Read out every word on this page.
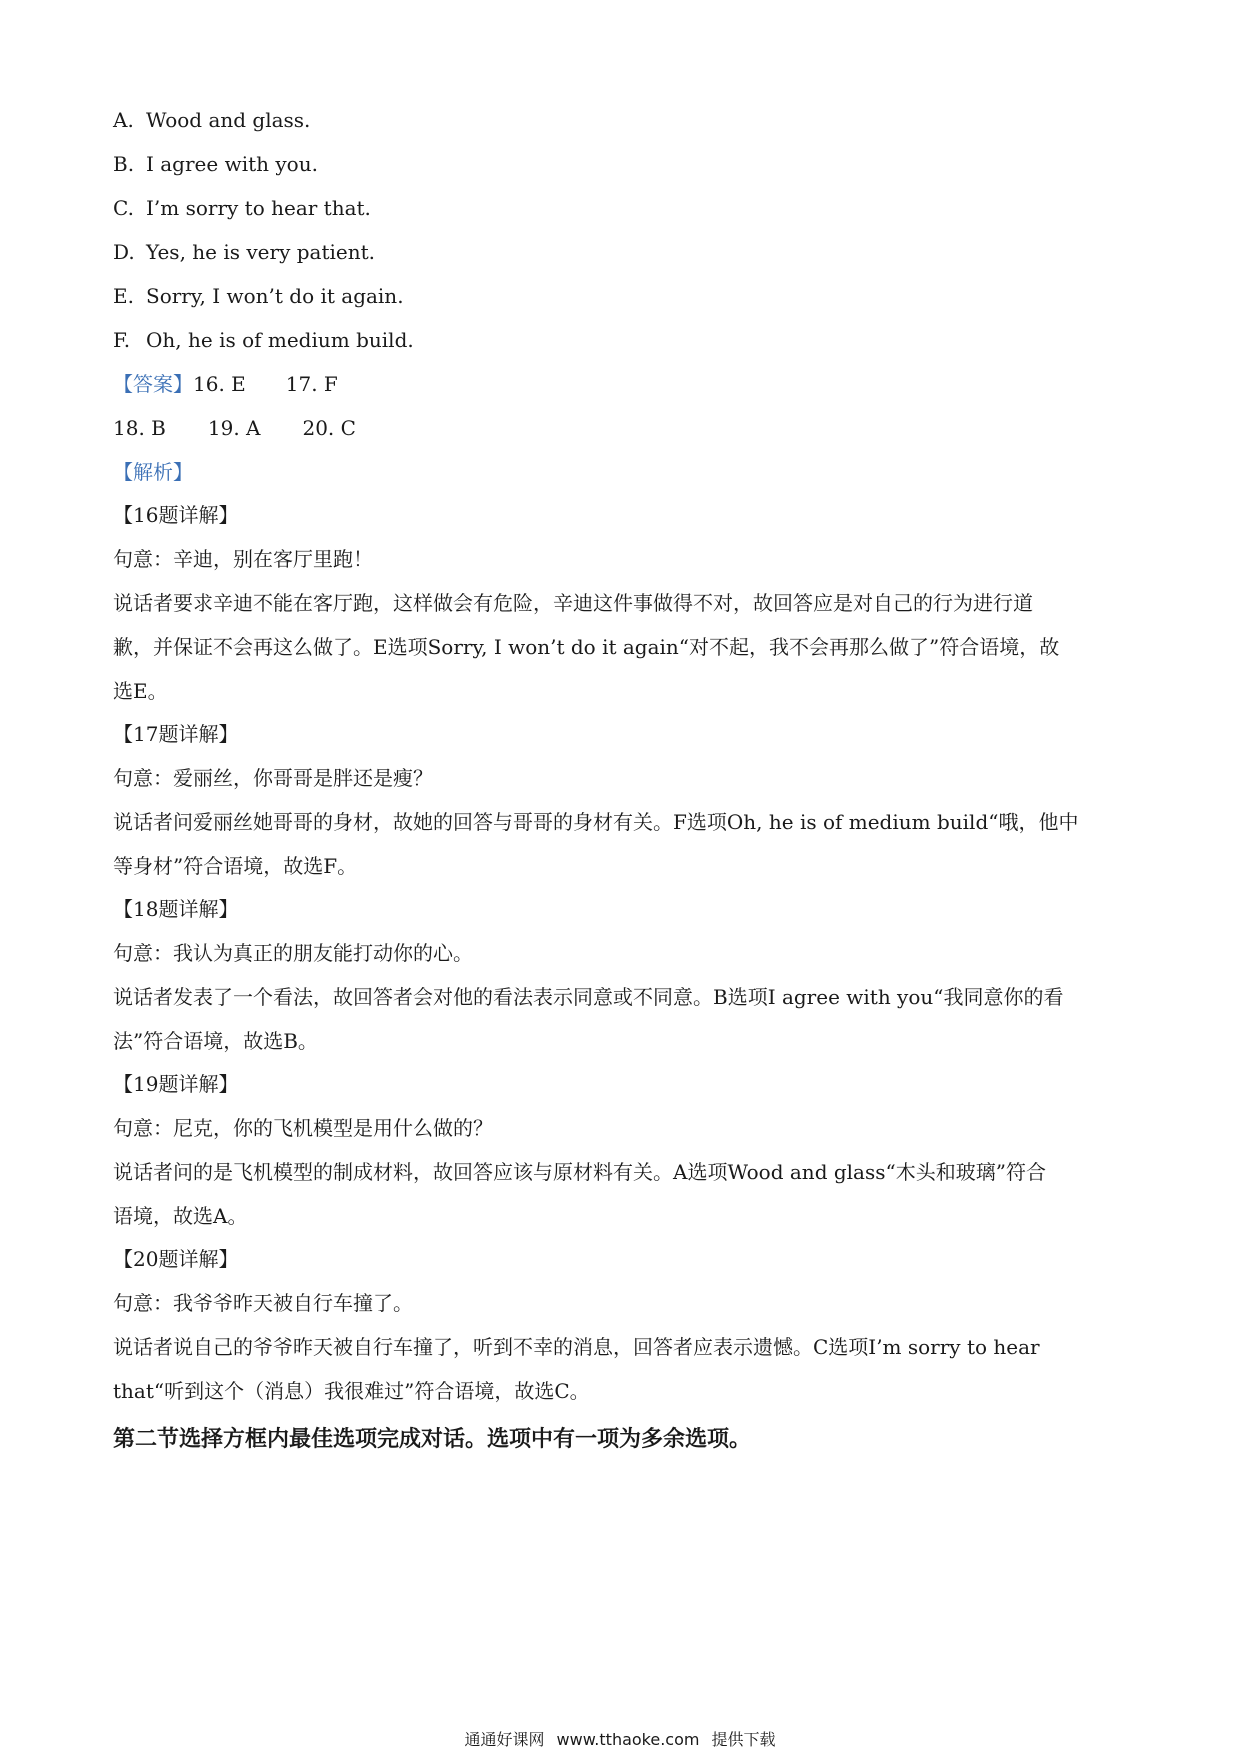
A. Wood and glass.
B. I agree with you.
C. I’m sorry to hear that.
D. Yes, he is very patient.
E. Sorry, I won’t do it again.
F. Oh, he is of medium build.
【答案】16. E 17. F
18. B 19. A 20. C
【解析】
【16题详解】
句意：辛迪，别在客厅里跑！
说话者要求辛迪不能在客厅跑，这样做会有危险，辛迪这件事做得不对，故回答应是对自己的行为进行道
歉，并保证不会再这么做了。E选项Sorry, I won’t do it again“对不起，我不会再那么做了”符合语境，故
选E。
【17题详解】
句意：爱丽丝，你哥哥是胖还是瘦？
说话者问爱丽丝她哥哥的身材，故她的回答与哥哥的身材有关。F选项Oh, he is of medium build“哦，他中
等身材”符合语境，故选F。
【18题详解】
句意：我认为真正的朋友能打动你的心。
说话者发表了一个看法，故回答者会对他的看法表示同意或不同意。B选项I agree with you“我同意你的看
法”符合语境，故选B。
【19题详解】
句意：尼克，你的飞机模型是用什么做的？
说话者问的是飞机模型的制成材料，故回答应该与原材料有关。A选项Wood and glass“木头和玻璃”符合
语境，故选A。
【20题详解】
句意：我爷爷昨天被自行车撞了。
说话者说自己的爷爷昨天被自行车撞了，听到不幸的消息，回答者应表示遗憾。C选项I’m sorry to hear
that“听到这个（消息）我很难过”符合语境，故选C。
第二节选择方框内最佳选项完成对话。选项中有一项为多余选项。
通通好课网 www.tthaoke.com 提供下载
